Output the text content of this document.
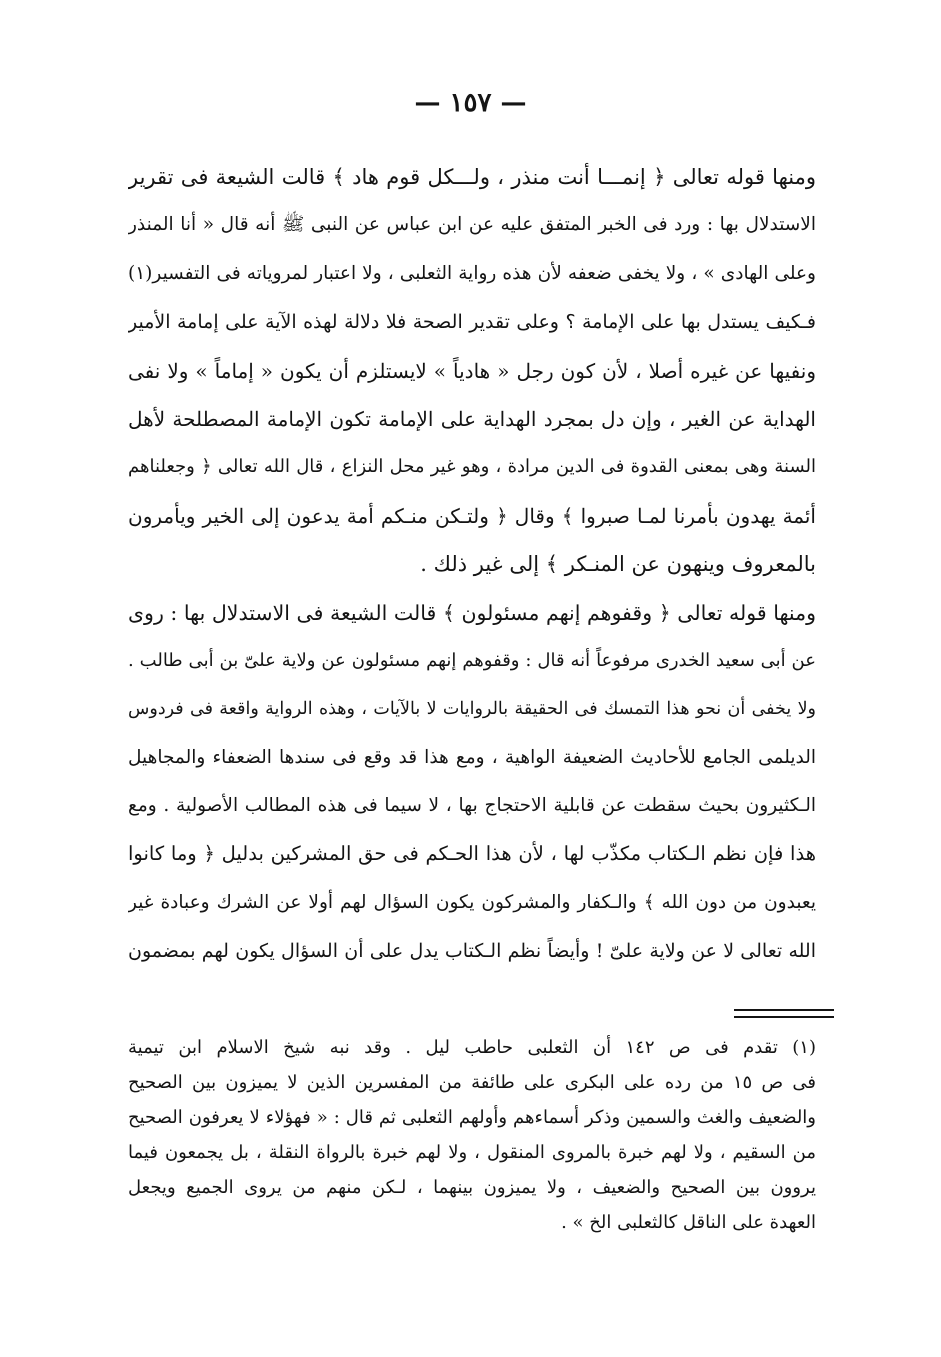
— ١٥٧ —
ومنها قوله تعالى ﴿ إنمـــا أنت منذر ، ولـــكل قوم هاد ﴾ قالت الشيعة فى تقرير
الاستدلال بها : ورد فى الخبر المتفق عليه عن ابن عباس عن النبى ﷺ أنه قال « أنا المنذر
وعلى الهادى » ، ولا يخفى ضعفه لأن هذه رواية الثعلبى ، ولا اعتبار لمروياته فى التفسير(١)
فـكيف يستدل بها على الإمامة ؟ وعلى تقدير الصحة فلا دلالة لهذه الآية على إمامة الأمير
ونفيها عن غيره أصلا ، لأن كون رجل « هادياً » لايستلزم أن يكون « إماماً » ولا نفى
الهداية عن الغير ، وإن دل بمجرد الهداية على الإمامة تكون الإمامة المصطلحة لأهل
السنة وهى بمعنى القدوة فى الدين مرادة ، وهو غير محل النزاع ، قال الله تعالى ﴿ وجعلناهم
أئمة يهدون بأمرنا لمـا صبروا ﴾ وقال ﴿ ولتـكن منـكم أمة يدعون إلى الخير ويأمرون
بالمعروف وينهون عن المنـكر ﴾ إلى غير ذلك .
ومنها قوله تعالى ﴿ وقفوهم إنهم مسئولون ﴾ قالت الشيعة فى الاستدلال بها : روى
عن أبى سعيد الخدرى مرفوعاً أنه قال : وقفوهم إنهم مسئولون عن ولاية علىّ بن أبى طالب .
ولا يخفى أن نحو هذا التمسك فى الحقيقة بالروايات لا بالآيات ، وهذه الرواية واقعة فى فردوس
الديلمى الجامع للأحاديث الضعيفة الواهية ، ومع هذا قد وقع فى سندها الضعفاء والمجاهيل
الـكثيرون بحيث سقطت عن قابلية الاحتجاج بها ، لا سيما فى هذه المطالب الأصولية . ومع
هذا فإن نظم الـكتاب مكذّب لها ، لأن هذا الحـكم فى حق المشركين بدليل ﴿ وما كانوا
يعبدون من دون الله ﴾ والـكفار والمشركون يكون السؤال لهم أولا عن الشرك وعبادة غير
الله تعالى لا عن ولاية علىّ ! وأيضاً نظم الـكتاب يدل على أن السؤال يكون لهم بمضمون
(١) تقدم فى ص ١٤٢ أن الثعلبى حاطب ليل . وقد نبه شيخ الاسلام ابن تيمية
فى ص ١٥ من رده على البكرى على طائفة من المفسرين الذين لا يميزون بين الصحيح
والضعيف والغث والسمين وذكر أسماءهم وأولهم الثعلبى ثم قال : « فهؤلاء لا يعرفون الصحيح
من السقيم ، ولا لهم خبرة بالمروى المنقول ، ولا لهم خبرة بالرواة النقلة ، بل يجمعون فيما
يروون بين الصحيح والضعيف ، ولا يميزون بينهما ، لـكن منهم من يروى الجميع ويجعل
العهدة على الناقل كالثعلبى الخ » .
